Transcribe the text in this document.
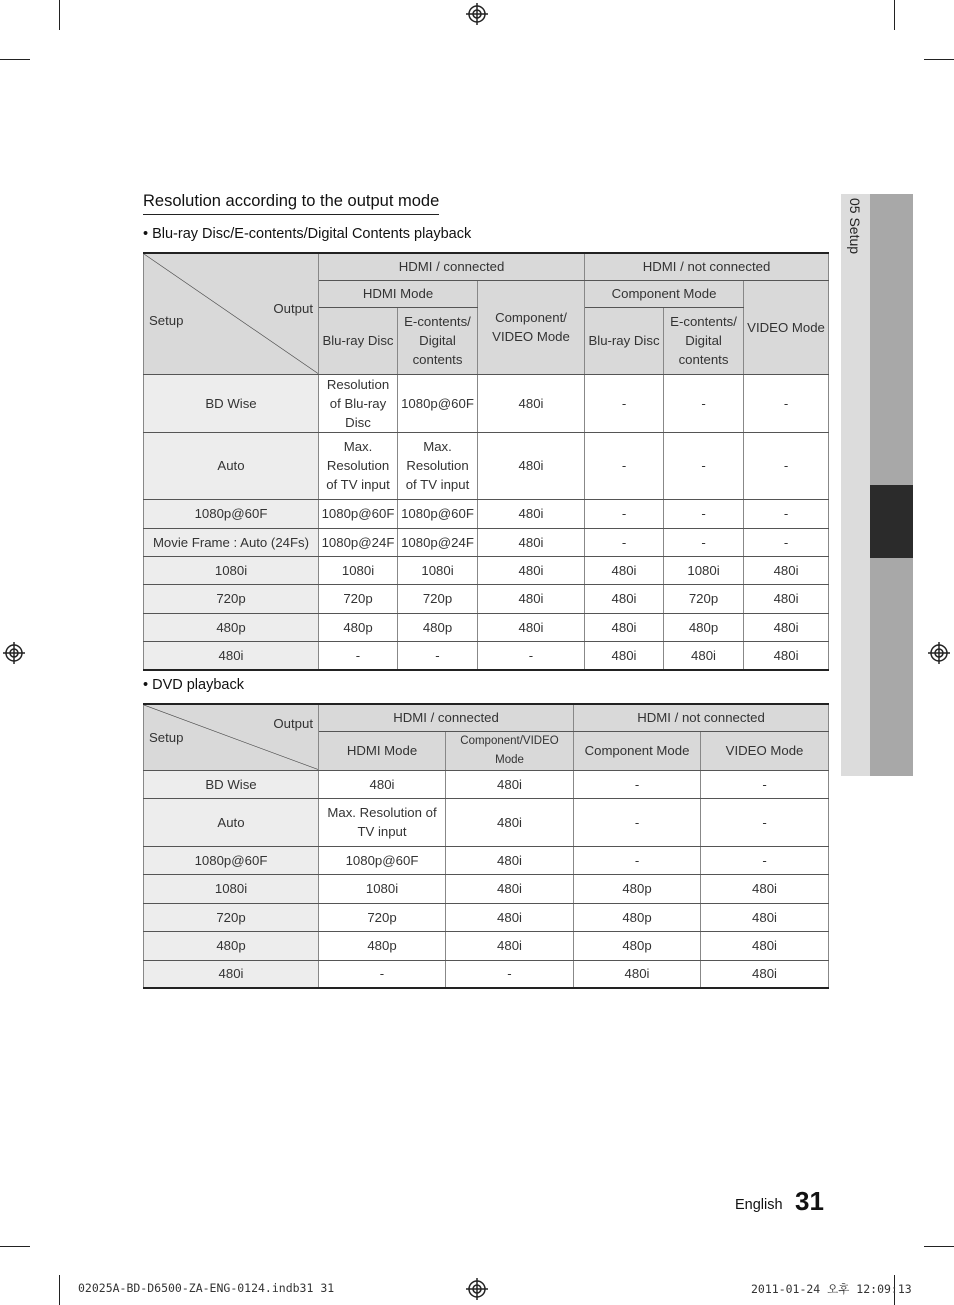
05 Setup
Resolution according to the output mode
• Blu-ray Disc/E-contents/Digital Contents playback
Output
Setup	HDMI / connected			HDMI / not connected		
	HDMI Mode		Component/ VIDEO Mode	Component Mode		VIDEO Mode
	Blu-ray Disc	E-contents/ Digital contents		Blu-ray Disc	E-contents/ Digital contents	
BD Wise	Resolution of Blu-ray Disc	1080p@60F	480i	-	-	-
Auto	Max. Resolution of TV input	Max. Resolution of TV input	480i	-	-	-
1080p@60F	1080p@60F	1080p@60F	480i	-	-	-
Movie Frame : Auto (24Fs)	1080p@24F	1080p@24F	480i	-	-	-
1080i	1080i	1080i	480i	480i	1080i	480i
720p	720p	720p	480i	480i	720p	480i
480p	480p	480p	480i	480i	480p	480i
480i	-	-	-	480i	480i	480i
• DVD playback
Output
Setup	HDMI / connected		HDMI / not connected	
	HDMI Mode	Component/VIDEO Mode	Component Mode	VIDEO Mode
BD Wise	480i	480i	-	-
Auto	Max. Resolution of TV input	480i	-	-
1080p@60F	1080p@60F	480i	-	-
1080i	1080i	480i	480p	480i
720p	720p	480i	480p	480i
480p	480p	480i	480p	480i
480i	-	-	480i	480i
English 31
02025A-BD-D6500-ZA-ENG-0124.indb31 31	2011-01-24 오후 12:09:13
